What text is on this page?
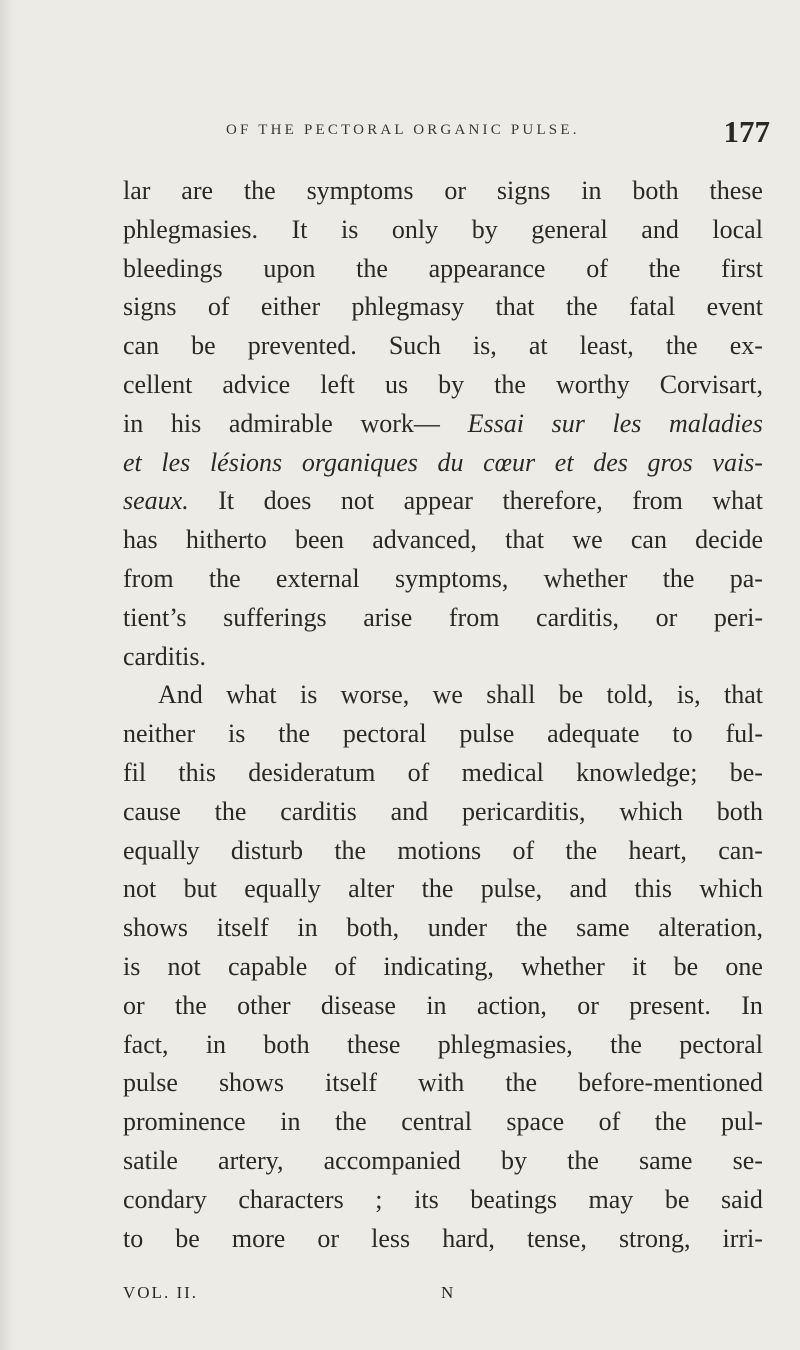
OF THE PECTORAL ORGANIC PULSE.	177
lar are the symptoms or signs in both these
phlegmasies. It is only by general and local
bleedings upon the appearance of the first
signs of either phlegmasy that the fatal event
can be prevented. Such is, at least, the ex-
cellent advice left us by the worthy Corvisart,
in his admirable work— Essai sur les maladies
et les lésions organiques du cœur et des gros vais-
seaux. It does not appear therefore, from what
has hitherto been advanced, that we can decide
from the external symptoms, whether the pa-
tient’s sufferings arise from carditis, or peri-
carditis.
And what is worse, we shall be told, is, that
neither is the pectoral pulse adequate to ful-
fil this desideratum of medical knowledge; be-
cause the carditis and pericarditis, which both
equally disturb the motions of the heart, can-
not but equally alter the pulse, and this which
shows itself in both, under the same alteration,
is not capable of indicating, whether it be one
or the other disease in action, or present. In
fact, in both these phlegmasies, the pectoral
pulse shows itself with the before-mentioned
prominence in the central space of the pul-
satile artery, accompanied by the same se-
condary characters ; its beatings may be said
to be more or less hard, tense, strong, irri-
VOL. II.	N
